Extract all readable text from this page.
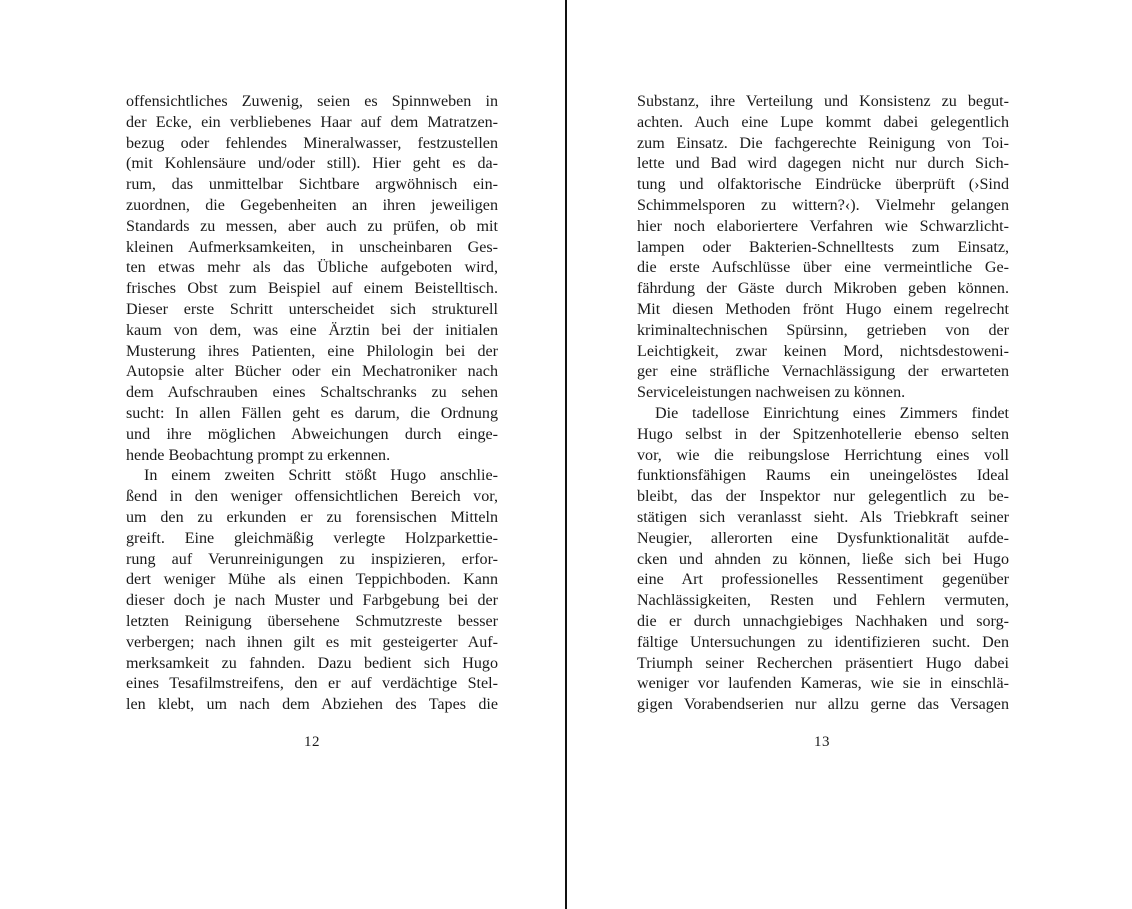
offensichtliches Zuwenig, seien es Spinnweben in
der Ecke, ein verbliebenes Haar auf dem Matratzen-
bezug oder fehlendes Mineralwasser, festzustellen
(mit Kohlensäure und/oder still). Hier geht es da-
rum, das unmittelbar Sichtbare argwöhnisch ein-
zuordnen, die Gegebenheiten an ihren jeweiligen
Standards zu messen, aber auch zu prüfen, ob mit
kleinen Aufmerksamkeiten, in unscheinbaren Ges-
ten etwas mehr als das Übliche aufgeboten wird,
frisches Obst zum Beispiel auf einem Beistelltisch.
Dieser erste Schritt unterscheidet sich strukturell
kaum von dem, was eine Ärztin bei der initialen
Musterung ihres Patienten, eine Philologin bei der
Autopsie alter Bücher oder ein Mechatroniker nach
dem Aufschrauben eines Schaltschranks zu sehen
sucht: In allen Fällen geht es darum, die Ordnung
und ihre möglichen Abweichungen durch einge-
hende Beobachtung prompt zu erkennen.
In einem zweiten Schritt stößt Hugo anschlie-
ßend in den weniger offensichtlichen Bereich vor,
um den zu erkunden er zu forensischen Mitteln
greift. Eine gleichmäßig verlegte Holzparkettie-
rung auf Verunreinigungen zu inspizieren, erfor-
dert weniger Mühe als einen Teppichboden. Kann
dieser doch je nach Muster und Farbgebung bei der
letzten Reinigung übersehene Schmutzreste besser
verbergen; nach ihnen gilt es mit gesteigerter Auf-
merksamkeit zu fahnden. Dazu bedient sich Hugo
eines Tesafilmstreifens, den er auf verdächtige Stel-
len klebt, um nach dem Abziehen des Tapes die
12
Substanz, ihre Verteilung und Konsistenz zu begut-
achten. Auch eine Lupe kommt dabei gelegentlich
zum Einsatz. Die fachgerechte Reinigung von Toi-
lette und Bad wird dagegen nicht nur durch Sich-
tung und olfaktorische Eindrücke überprüft (›Sind
Schimmelsporen zu wittern?‹). Vielmehr gelangen
hier noch elaboriertere Verfahren wie Schwarzlicht-
lampen oder Bakterien-Schnelltests zum Einsatz,
die erste Aufschlüsse über eine vermeintliche Ge-
fährdung der Gäste durch Mikroben geben können.
Mit diesen Methoden frönt Hugo einem regelrecht
kriminaltechnischen Spürsinn, getrieben von der
Leichtigkeit, zwar keinen Mord, nichtsdestoweni-
ger eine sträfliche Vernachlässigung der erwarteten
Serviceleistungen nachweisen zu können.
Die tadellose Einrichtung eines Zimmers findet
Hugo selbst in der Spitzenhotellerie ebenso selten
vor, wie die reibungslose Herrichtung eines voll
funktionsfähigen Raums ein uneingelöstes Ideal
bleibt, das der Inspektor nur gelegentlich zu be-
stätigen sich veranlasst sieht. Als Triebkraft seiner
Neugier, allerorten eine Dysfunktionalität aufde-
cken und ahnden zu können, ließe sich bei Hugo
eine Art professionelles Ressentiment gegenüber
Nachlässigkeiten, Resten und Fehlern vermuten,
die er durch unnachgiebiges Nachhaken und sorg-
fältige Untersuchungen zu identifizieren sucht. Den
Triumph seiner Recherchen präsentiert Hugo dabei
weniger vor laufenden Kameras, wie sie in einschlä-
gigen Vorabendserien nur allzu gerne das Versagen
13
